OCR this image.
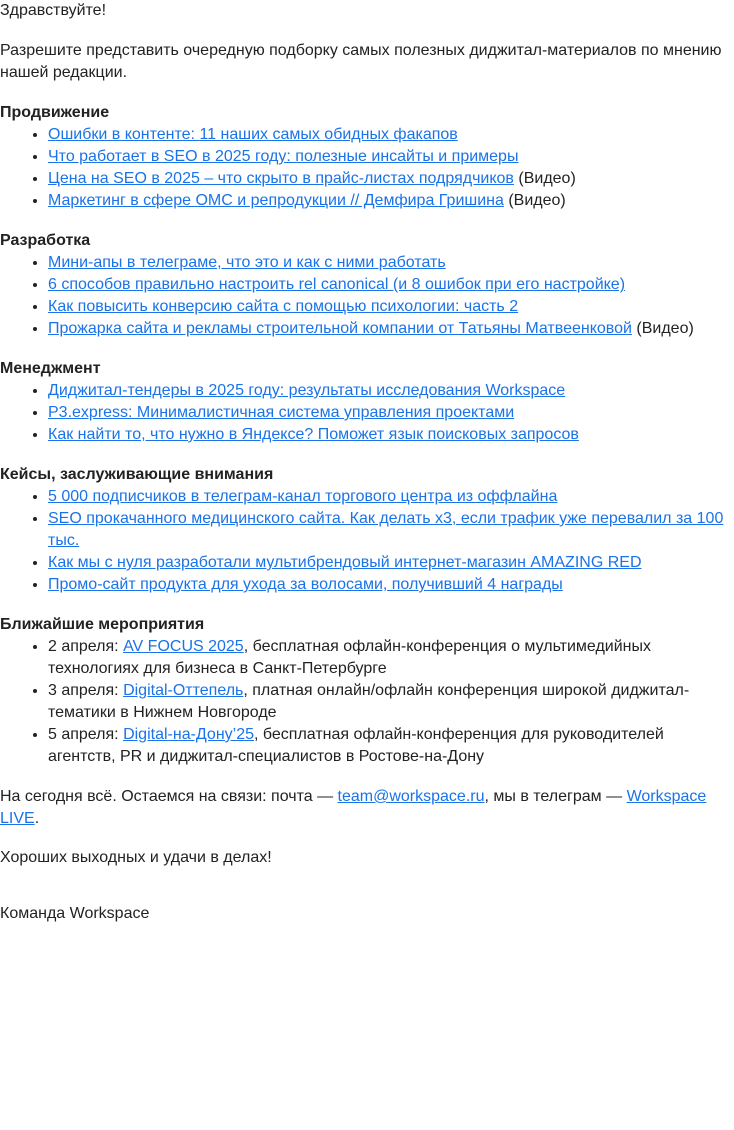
Здравствуйте!

Разрешите представить очередную подборку самых полезных диджитал-материалов по мнению нашей редакции.

Продвижение

• Ошибки в контенте: 11 наших самых обидных факапов
• Что работает в SEO в 2025 году: полезные инсайты и примеры
• Цена на SEO в 2025 – что скрыто в прайс-листах подрядчиков (Видео)
• Маркетинг в сфере ОМС и репродукции // Демфира Гришина (Видео)

Разработка

• Мини-апы в телеграме, что это и как с ними работать
• 6 способов правильно настроить rel canonical (и 8 ошибок при его настройке)
• Как повысить конверсию сайта с помощью психологии: часть 2
• Прожарка сайта и рекламы строительной компании от Татьяны Матвеенковой (Видео)

Менеджмент

• Диджитал-тендеры в 2025 году: результаты исследования Workspace
• P3.express: Минималистичная система управления проектами
• Как найти то, что нужно в Яндексе? Поможет язык поисковых запросов

Кейсы, заслуживающие внимания

• 5 000 подписчиков в телеграм-канал торгового центра из оффлайна
• SEO прокачанного медицинского сайта. Как делать х3, если трафик уже перевалил за 100 тыс.
• Как мы с нуля разработали мультибрендовый интернет-магазин AMAZING RED
• Промо-сайт продукта для ухода за волосами, получивший 4 награды

Ближайшие мероприятия

• 2 апреля: AV FOCUS 2025, бесплатная офлайн-конференция о мультимедийных технологиях для бизнеса в Санкт-Петербурге
• 3 апреля: Digital-Оттепель, платная онлайн/офлайн конференция широкой диджитал-тематики в Нижнем Новгороде
• 5 апреля: Digital-на-Дону’25, бесплатная офлайн-конференция для руководителей агентств, PR и диджитал-специалистов в Ростове-на-Дону

На сегодня всё. Остаемся на связи: почта — team@workspace.ru, мы в телеграм — Workspace LIVE.

Хороших выходных и удачи в делах!

Команда Workspace
